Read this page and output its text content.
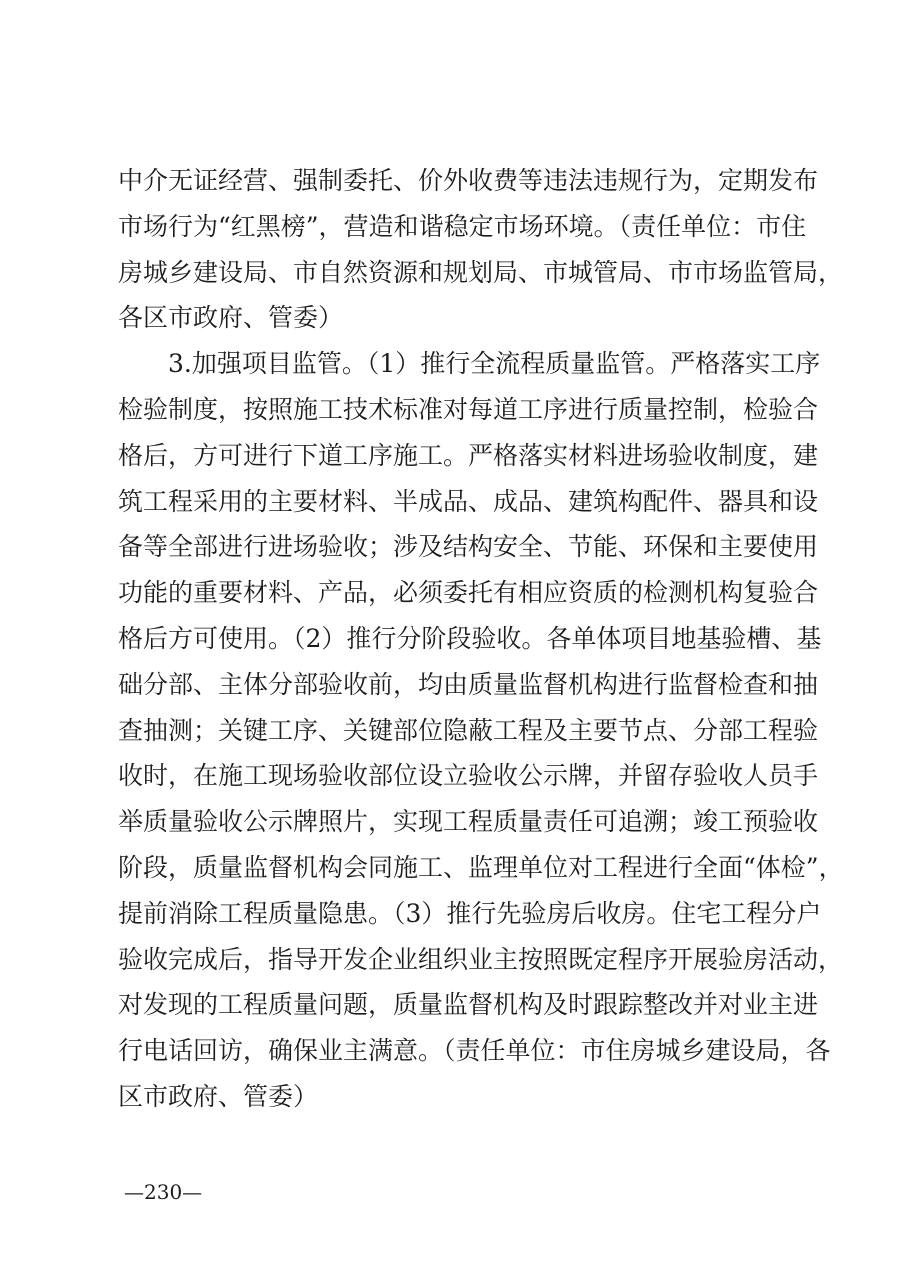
中介无证经营、强制委托、价外收费等违法违规行为，定期发布
市场行为“红黑榜”，营造和谐稳定市场环境。（责任单位：市住
房城乡建设局、市自然资源和规划局、市城管局、市市场监管局，
各区市政府、管委）
3.加强项目监管。（1）推行全流程质量监管。严格落实工序
检验制度，按照施工技术标准对每道工序进行质量控制，检验合
格后，方可进行下道工序施工。严格落实材料进场验收制度，建
筑工程采用的主要材料、半成品、成品、建筑构配件、器具和设
备等全部进行进场验收；涉及结构安全、节能、环保和主要使用
功能的重要材料、产品，必须委托有相应资质的检测机构复验合
格后方可使用。（2）推行分阶段验收。各单体项目地基验槽、基
础分部、主体分部验收前，均由质量监督机构进行监督检查和抽
查抽测；关键工序、关键部位隐蔽工程及主要节点、分部工程验
收时，在施工现场验收部位设立验收公示牌，并留存验收人员手
举质量验收公示牌照片，实现工程质量责任可追溯；竣工预验收
阶段，质量监督机构会同施工、监理单位对工程进行全面“体检”，
提前消除工程质量隐患。（3）推行先验房后收房。住宅工程分户
验收完成后，指导开发企业组织业主按照既定程序开展验房活动，
对发现的工程质量问题，质量监督机构及时跟踪整改并对业主进
行电话回访，确保业主满意。（责任单位：市住房城乡建设局，各
区市政府、管委）
—230—
